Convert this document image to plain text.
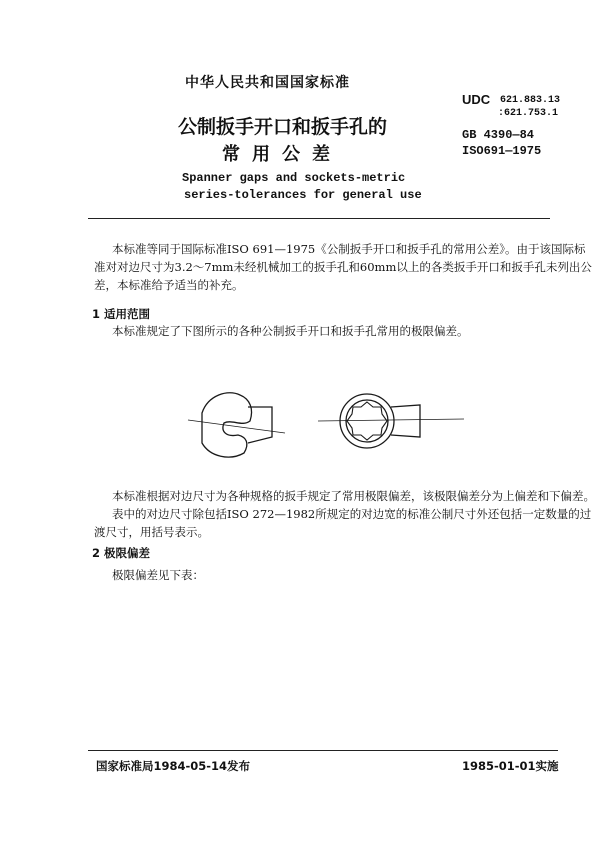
中华人民共和国国家标准
UDC 621.883.13
:621.753.1
GB 4390—84
ISO691—1975
公制扳手开口和扳手孔的
常用公差
Spanner gaps and sockets-metric
series-tolerances for general use
本标准等同于国际标准ISO 691—1975《公制扳手开口和扳手孔的常用公差》。由于该国际标
准对对边尺寸为3.2～7mm未经机械加工的扳手孔和60mm以上的各类扳手开口和扳手孔未列出公
差，本标准给予适当的补充。
1 适用范围
本标准规定了下图所示的各种公制扳手开口和扳手孔常用的极限偏差。
本标准根据对边尺寸为各种规格的扳手规定了常用极限偏差，该极限偏差分为上偏差和下偏差。
表中的对边尺寸除包括ISO 272—1982所规定的对边宽的标准公制尺寸外还包括一定数量的过
渡尺寸，用括号表示。
2 极限偏差
极限偏差见下表：
国家标准局1984-05-14发布	1985-01-01实施
